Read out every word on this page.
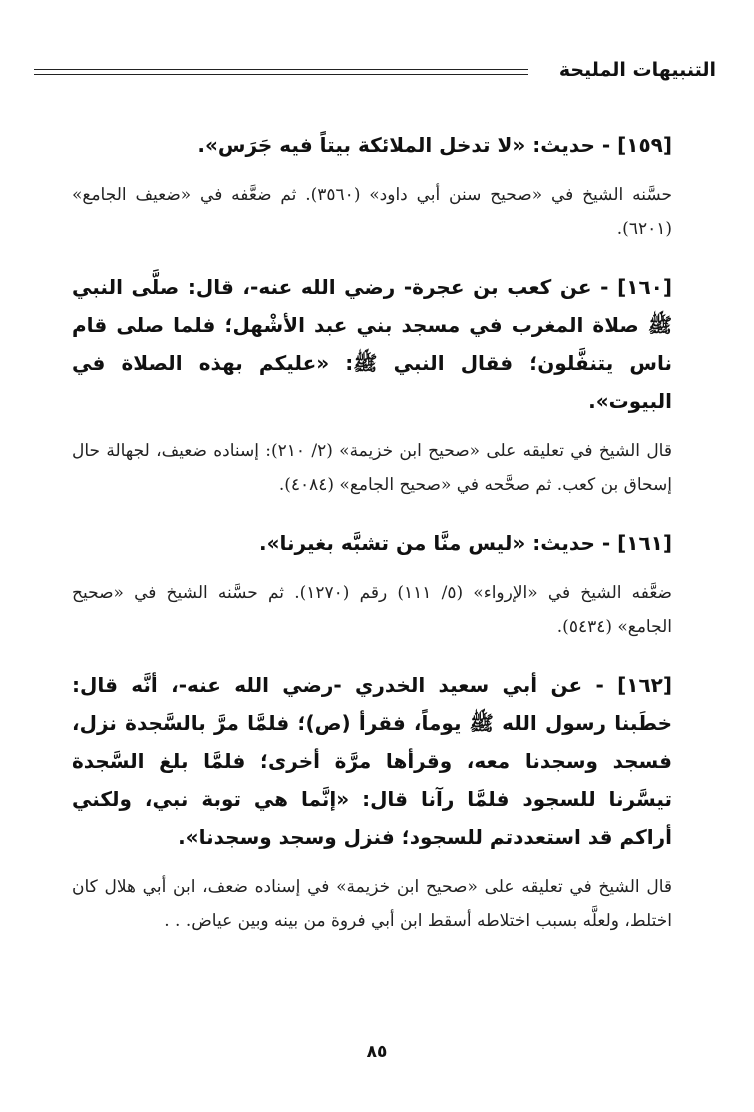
التنبيهات المليحة

[١٥٩] - حديث: «لا تدخل الملائكة بيتاً فيه جَرَس».

حسَّنه الشيخ في «صحيح سنن أبي داود» (٣٥٦٠). ثم ضعَّفه في «ضعيف الجامع» (٦٢٠١).

[١٦٠] - عن كعب بن عجرة- رضي الله عنه-، قال: صلَّى النبي ﷺ صلاة المغرب في مسجد بني عبد الأشْهل؛ فلما صلى قام ناس يتنفَّلون؛ فقال النبي ﷺ: «عليكم بهذه الصلاة في البيوت».

قال الشيخ في تعليقه على «صحيح ابن خزيمة» (٢/ ٢١٠): إسناده ضعيف، لجهالة حال إسحاق بن كعب. ثم صحَّحه في «صحيح الجامع» (٤٠٨٤).

[١٦١] - حديث: «ليس منَّا من تشبَّه بغيرنا».

ضعَّفه الشيخ في «الإرواء» (٥/ ١١١) رقم (١٢٧٠). ثم حسَّنه الشيخ في «صحيح الجامع» (٥٤٣٤).

[١٦٢] - عن أبي سعيد الخدري -رضي الله عنه-، أنَّه قال: خطَبنا رسول الله ﷺ يوماً، فقرأ (ص)؛ فلمَّا مرَّ بالسَّجدة نزل، فسجد وسجدنا معه، وقرأها مرَّة أخرى؛ فلمَّا بلغ السَّجدة تيسَّرنا للسجود فلمَّا رآنا قال: «إنَّما هي توبة نبي، ولكني أراكم قد استعددتم للسجود؛ فنزل وسجد وسجدنا».

قال الشيخ في تعليقه على «صحيح ابن خزيمة» في إسناده ضعف، ابن أبي هلال كان اختلط، ولعلَّه بسبب اختلاطه أسقط ابن أبي فروة من بينه وبين عياض. . .

٨٥
